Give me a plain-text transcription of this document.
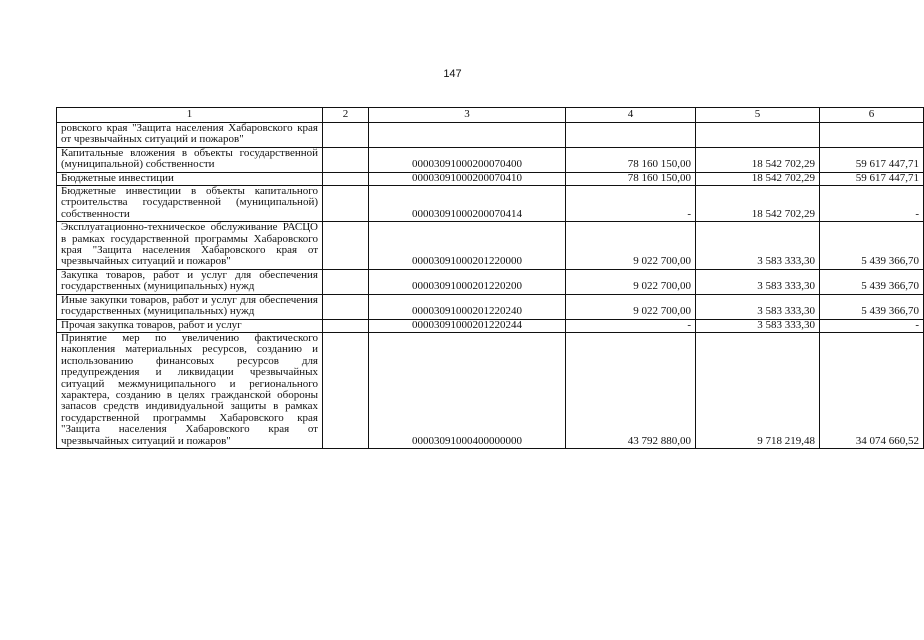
147
1	2	3	4	5	6
ровского края "Защита населения Хабаровского края от чрезвычайных ситуаций и пожаров"					
Капитальные вложения в объекты государственной (муниципальной) собственности		00003091000200070400	78 160 150,00	18 542 702,29	59 617 447,71
Бюджетные инвестиции		00003091000200070410	78 160 150,00	18 542 702,29	59 617 447,71
Бюджетные инвестиции в объекты капитального строительства государственной (муниципальной) собственности		00003091000200070414	-	18 542 702,29	-
Эксплуатационно-техническое обслуживание РАСЦО в рамках государственной программы Хабаровского края "Защита населения Хабаровского края от чрезвычайных ситуаций и пожаров"		00003091000201220000	9 022 700,00	3 583 333,30	5 439 366,70
Закупка товаров, работ и услуг для обеспечения государственных (муниципальных) нужд		00003091000201220200	9 022 700,00	3 583 333,30	5 439 366,70
Иные закупки товаров, работ и услуг для обеспечения государственных (муниципальных) нужд		00003091000201220240	9 022 700,00	3 583 333,30	5 439 366,70
Прочая закупка товаров, работ и услуг		00003091000201220244	-	3 583 333,30	-
Принятие мер по увеличению фактического накопления материальных ресурсов, созданию и использованию финансовых ресурсов для предупреждения и ликвидации чрезвычайных ситуаций межмуниципального и регионального характера, созданию в целях гражданской обороны запасов средств индивидуальной защиты в рамках государственной программы Хабаровского края "Защита населения Хабаровского края от чрезвычайных ситуаций и пожаров"		00003091000400000000	43 792 880,00	9 718 219,48	34 074 660,52
